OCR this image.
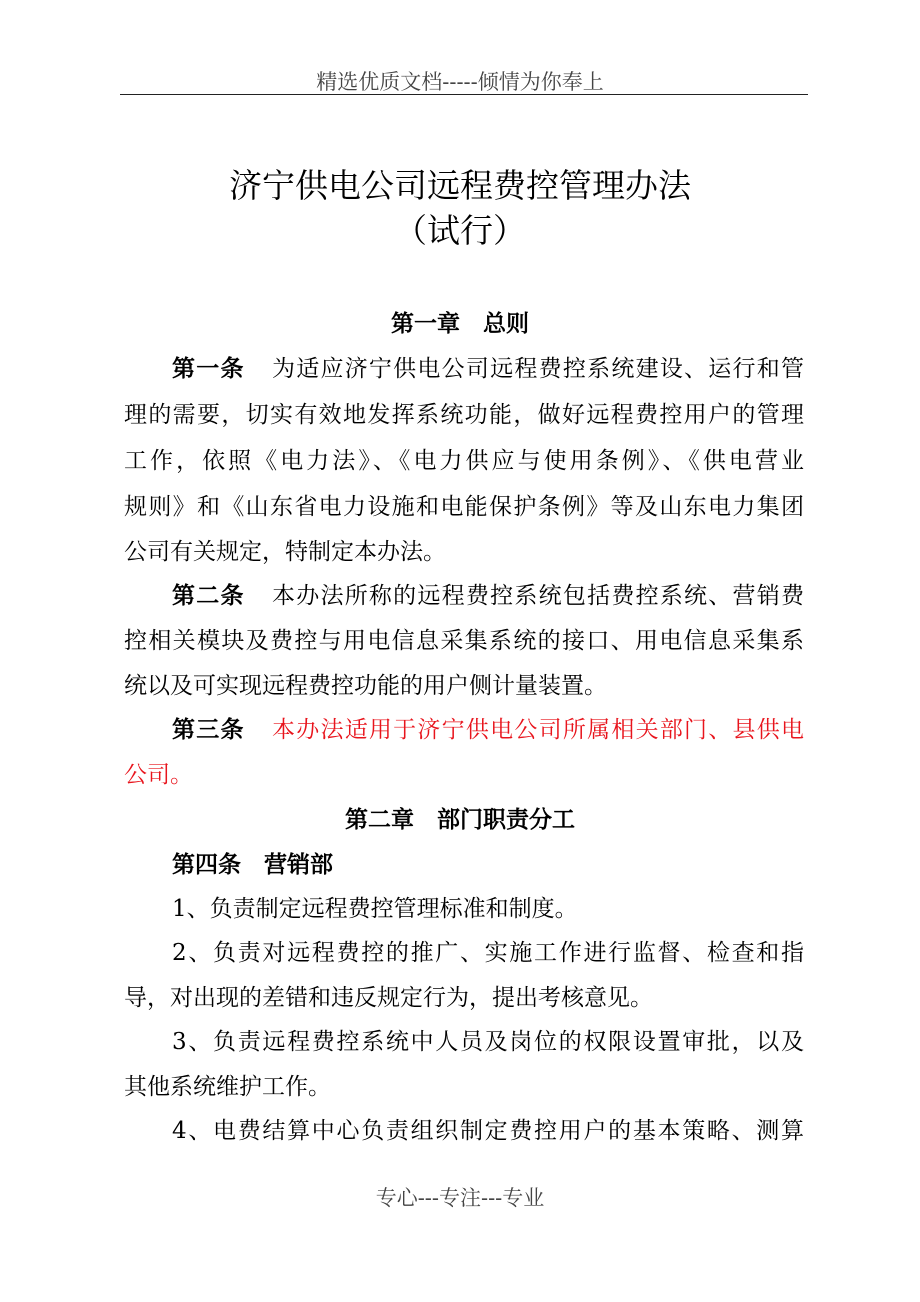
精选优质文档-----倾情为你奉上
济宁供电公司远程费控管理办法
（试行）
第一章　总则
第一条 为适应济宁供电公司远程费控系统建设、运行和管
理的需要，切实有效地发挥系统功能，做好远程费控用户的管理
工作，依照《电力法》、《电力供应与使用条例》、《供电营业
规则》和《山东省电力设施和电能保护条例》等及山东电力集团
公司有关规定，特制定本办法。
第二条 本办法所称的远程费控系统包括费控系统、营销费
控相关模块及费控与用电信息采集系统的接口、用电信息采集系
统以及可实现远程费控功能的用户侧计量装置。
第三条 本办法适用于济宁供电公司所属相关部门、县供电
公司。
第二章　部门职责分工
第四条　营销部
1、负责制定远程费控管理标准和制度。
2、负责对远程费控的推广、实施工作进行监督、检查和指
导，对出现的差错和违反规定行为，提出考核意见。
3、负责远程费控系统中人员及岗位的权限设置审批，以及
其他系统维护工作。
4、电费结算中心负责组织制定费控用户的基本策略、测算
专心---专注---专业
